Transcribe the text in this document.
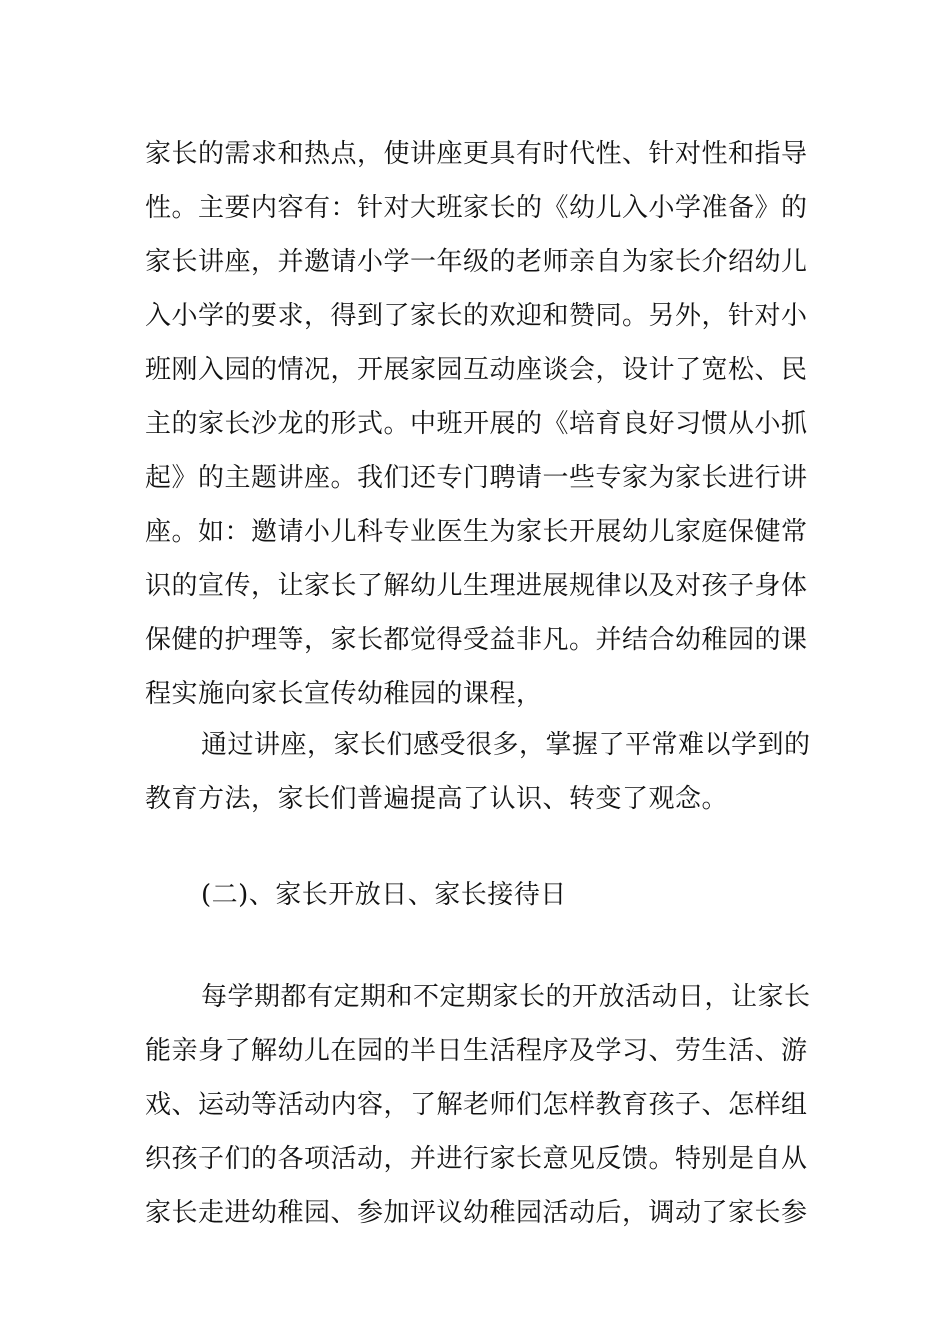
家长的需求和热点，使讲座更具有时代性、针对性和指导
性。主要内容有：针对大班家长的《幼儿入小学准备》的
家长讲座，并邀请小学一年级的老师亲自为家长介绍幼儿
入小学的要求，得到了家长的欢迎和赞同。另外，针对小
班刚入园的情况，开展家园互动座谈会，设计了宽松、民
主的家长沙龙的形式。中班开展的《培育良好习惯从小抓
起》的主题讲座。我们还专门聘请一些专家为家长进行讲
座。如：邀请小儿科专业医生为家长开展幼儿家庭保健常
识的宣传，让家长了解幼儿生理进展规律以及对孩子身体
保健的护理等，家长都觉得受益非凡。并结合幼稚园的课
程实施向家长宣传幼稚园的课程，
通过讲座，家长们感受很多，掌握了平常难以学到的
教育方法，家长们普遍提高了认识、转变了观念。
(二)、家长开放日、家长接待日
每学期都有定期和不定期家长的开放活动日，让家长
能亲身了解幼儿在园的半日生活程序及学习、劳生活、游
戏、运动等活动内容，了解老师们怎样教育孩子、怎样组
织孩子们的各项活动，并进行家长意见反馈。特别是自从
家长走进幼稚园、参加评议幼稚园活动后，调动了家长参
